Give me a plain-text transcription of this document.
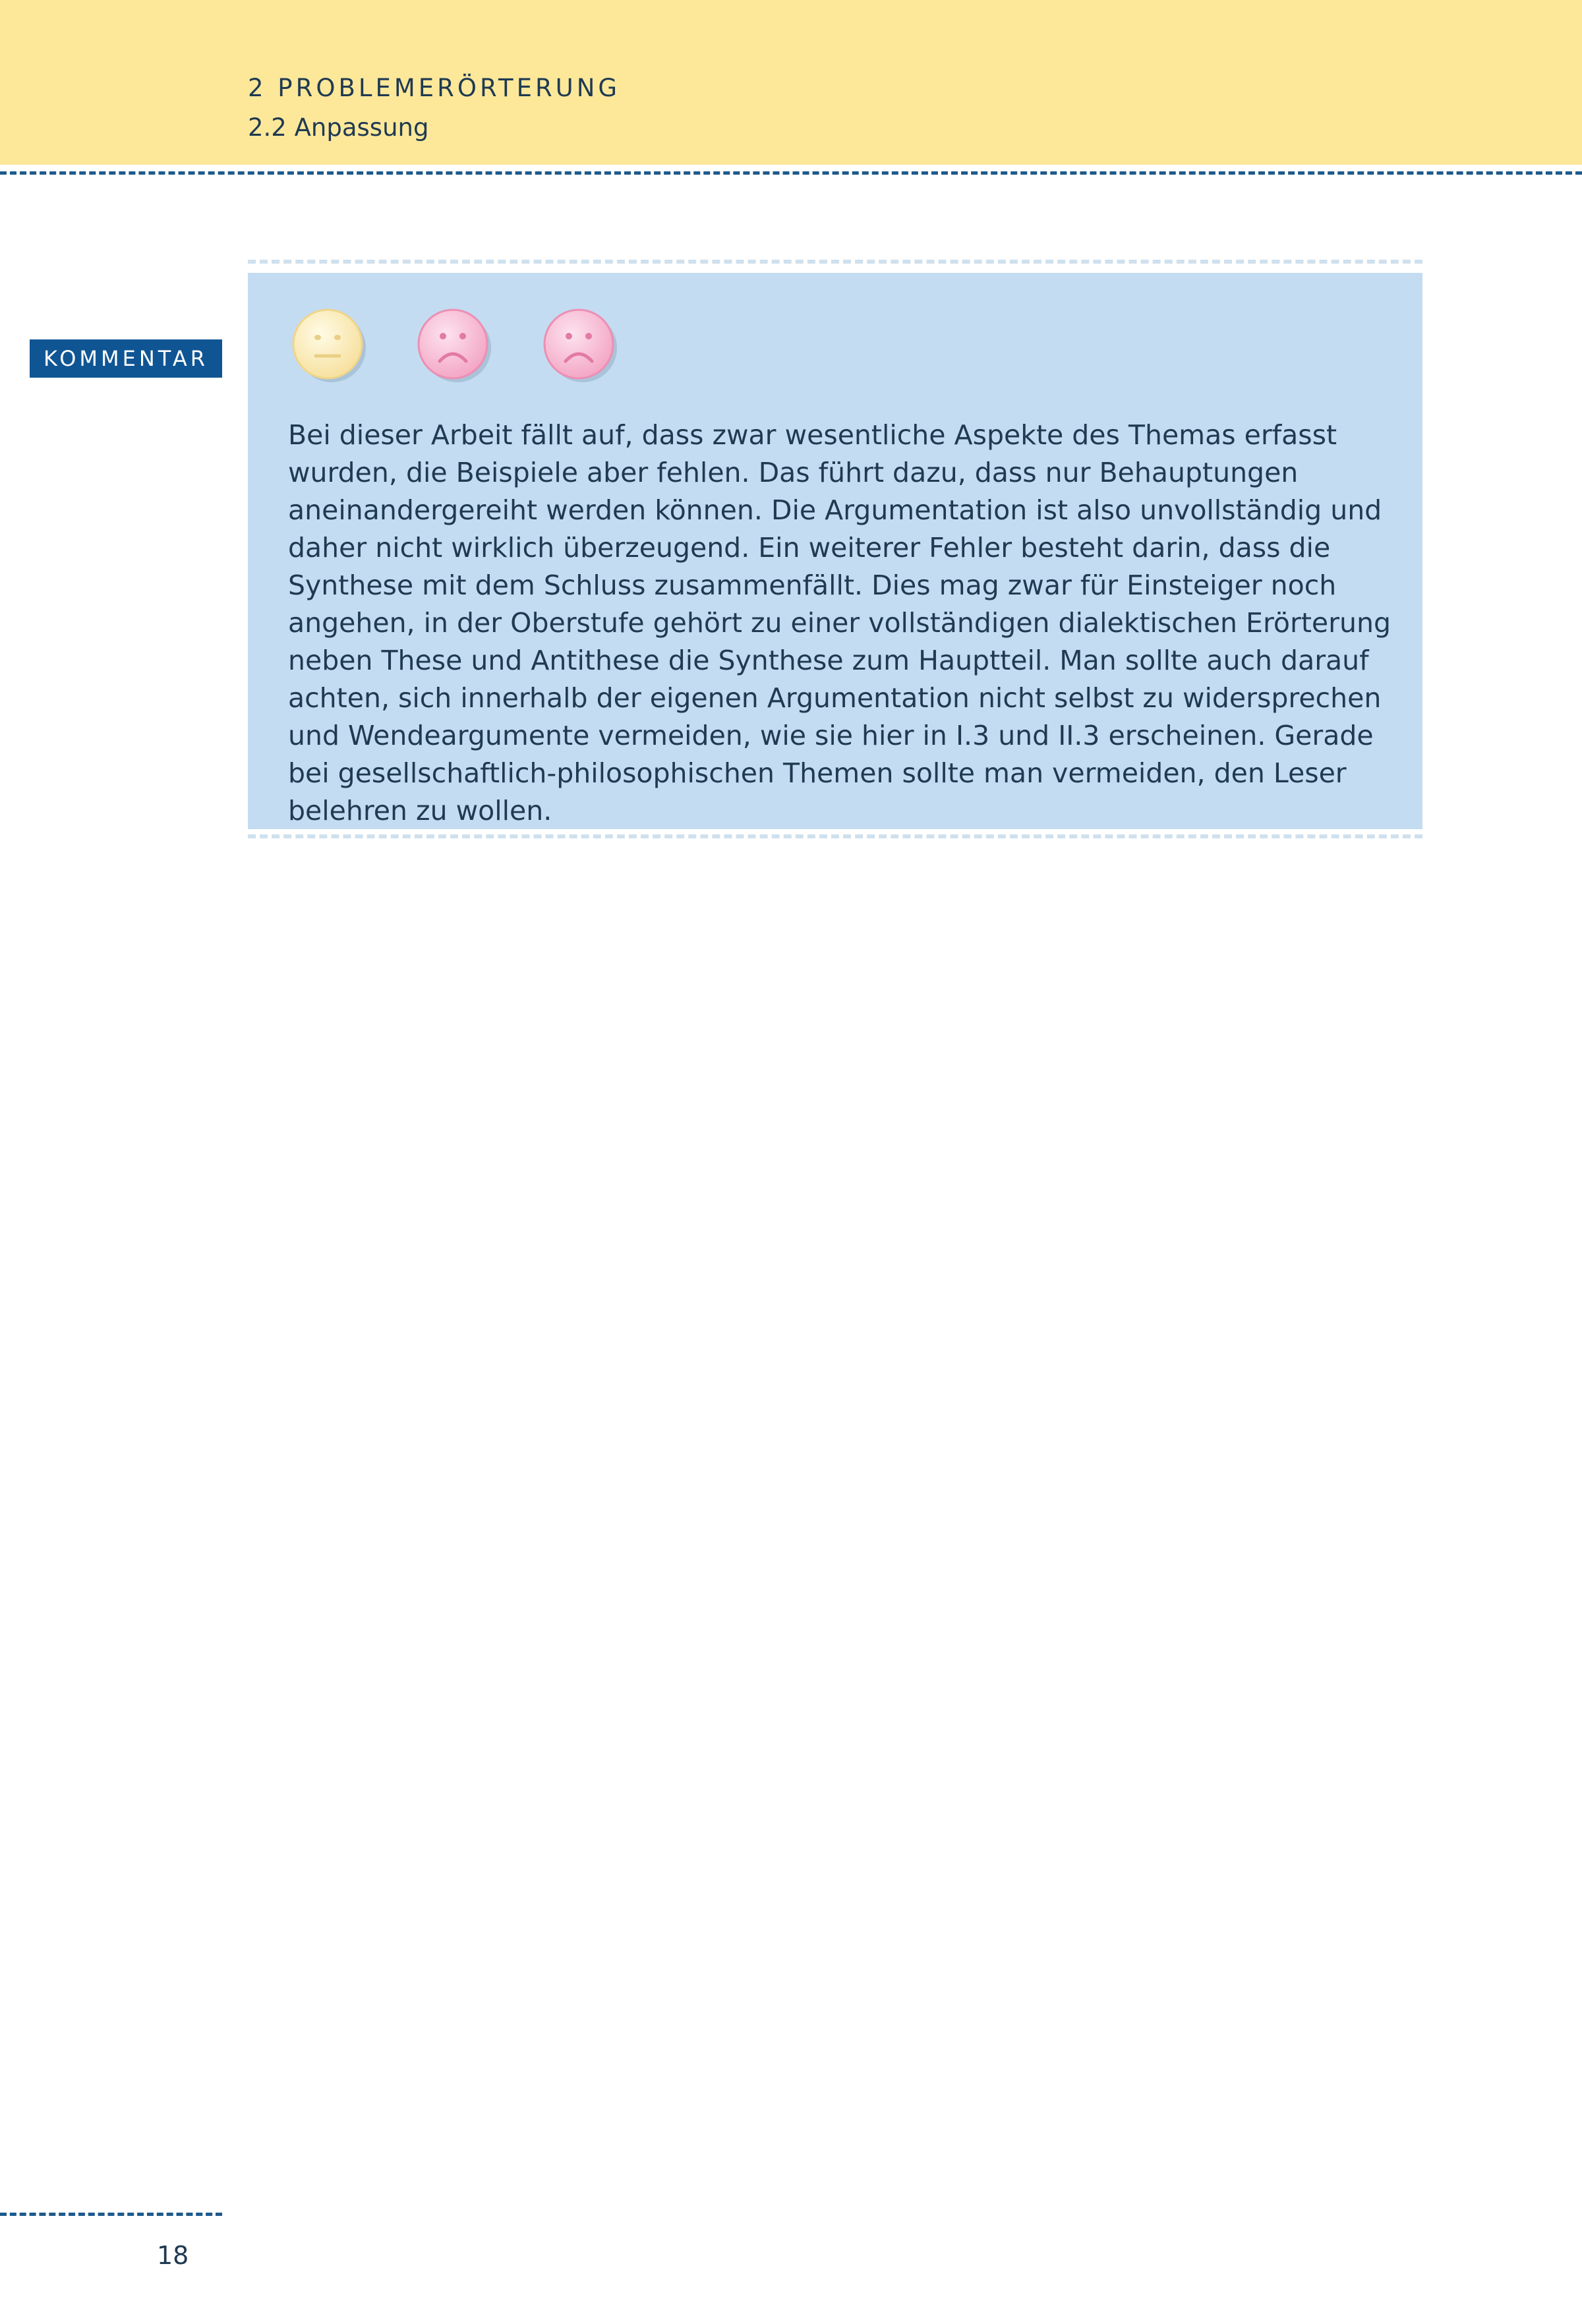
2 PROBLEMERÖRTERUNG
2.2 Anpassung
KOMMENTAR

Bei dieser Arbeit fällt auf, dass zwar wesentliche Aspekte des Themas erfasst wurden, die Beispiele aber fehlen. Das führt dazu, dass nur Behauptungen aneinandergereiht werden können. Die Argumentation ist also unvollständig und daher nicht wirklich überzeugend. Ein weiterer Fehler besteht darin, dass die Synthese mit dem Schluss zusammenfällt. Dies mag zwar für Einsteiger noch angehen, in der Oberstufe gehört zu einer vollständigen dialektischen Erörterung neben These und Antithese die Synthese zum Hauptteil. Man sollte auch darauf achten, sich innerhalb der eigenen Argumentation nicht selbst zu widersprechen und Wendeargumente vermeiden, wie sie hier in I.3 und II.3 erscheinen. Gerade bei gesellschaftlich-philosophischen Themen sollte man vermeiden, den Leser belehren zu wollen.

18
